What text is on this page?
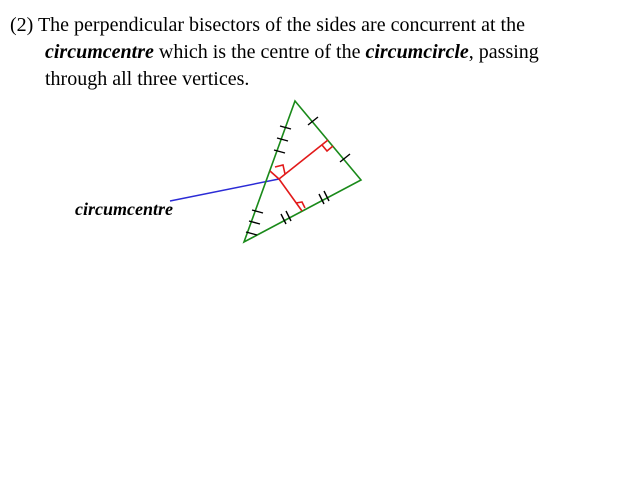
(2) The perpendicular bisectors of the sides are concurrent at the
circumcentre which is the centre of the circumcircle, passing
through all three vertices.
circumcentre
